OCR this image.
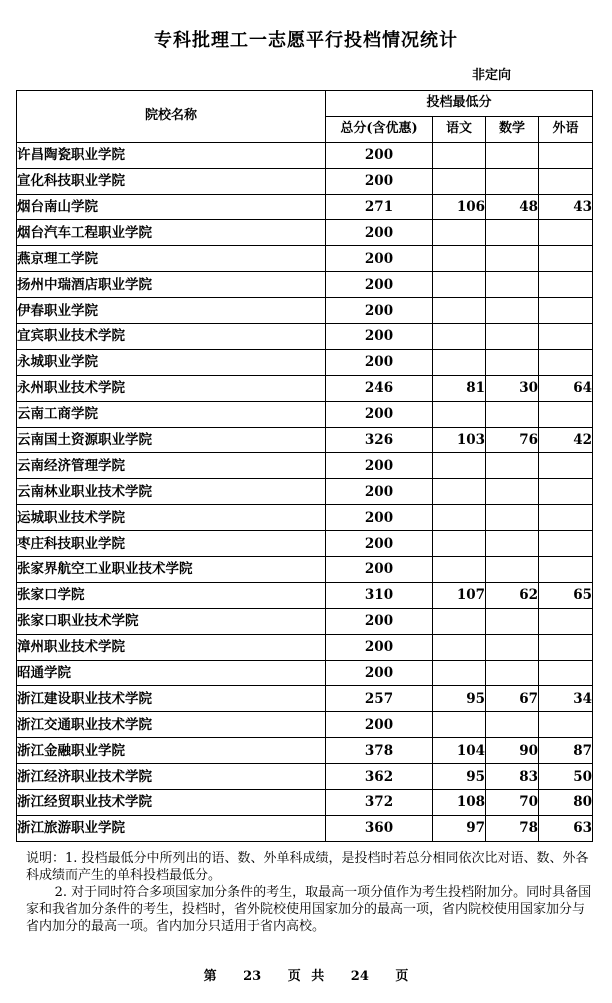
专科批理工一志愿平行投档情况统计
非定向
院校名称	投档最低分			
	总分(含优惠)	语文	数学	外语
许昌陶瓷职业学院	200			
宣化科技职业学院	200			
烟台南山学院	271	106	48	43
烟台汽车工程职业学院	200			
燕京理工学院	200			
扬州中瑞酒店职业学院	200			
伊春职业学院	200			
宜宾职业技术学院	200			
永城职业学院	200			
永州职业技术学院	246	81	30	64
云南工商学院	200			
云南国土资源职业学院	326	103	76	42
云南经济管理学院	200			
云南林业职业技术学院	200			
运城职业技术学院	200			
枣庄科技职业学院	200			
张家界航空工业职业技术学院	200			
张家口学院	310	107	62	65
张家口职业技术学院	200			
漳州职业技术学院	200			
昭通学院	200			
浙江建设职业技术学院	257	95	67	34
浙江交通职业技术学院	200			
浙江金融职业学院	378	104	90	87
浙江经济职业技术学院	362	95	83	50
浙江经贸职业技术学院	372	108	70	80
浙江旅游职业学院	360	97	78	63

说明：1. 投档最低分中所列出的语、数、外单科成绩，是投档时若总分相同依次比对语、数、外各科成绩而产生的单科投档最低分。

2. 对于同时符合多项国家加分条件的考生，取最高一项分值作为考生投档附加分。同时具备国家和我省加分条件的考生，投档时，省外院校使用国家加分的最高一项，省内院校使用国家加分与省内加分的最高一项。省内加分只适用于省内高校。

第 23 页 共 24 页
